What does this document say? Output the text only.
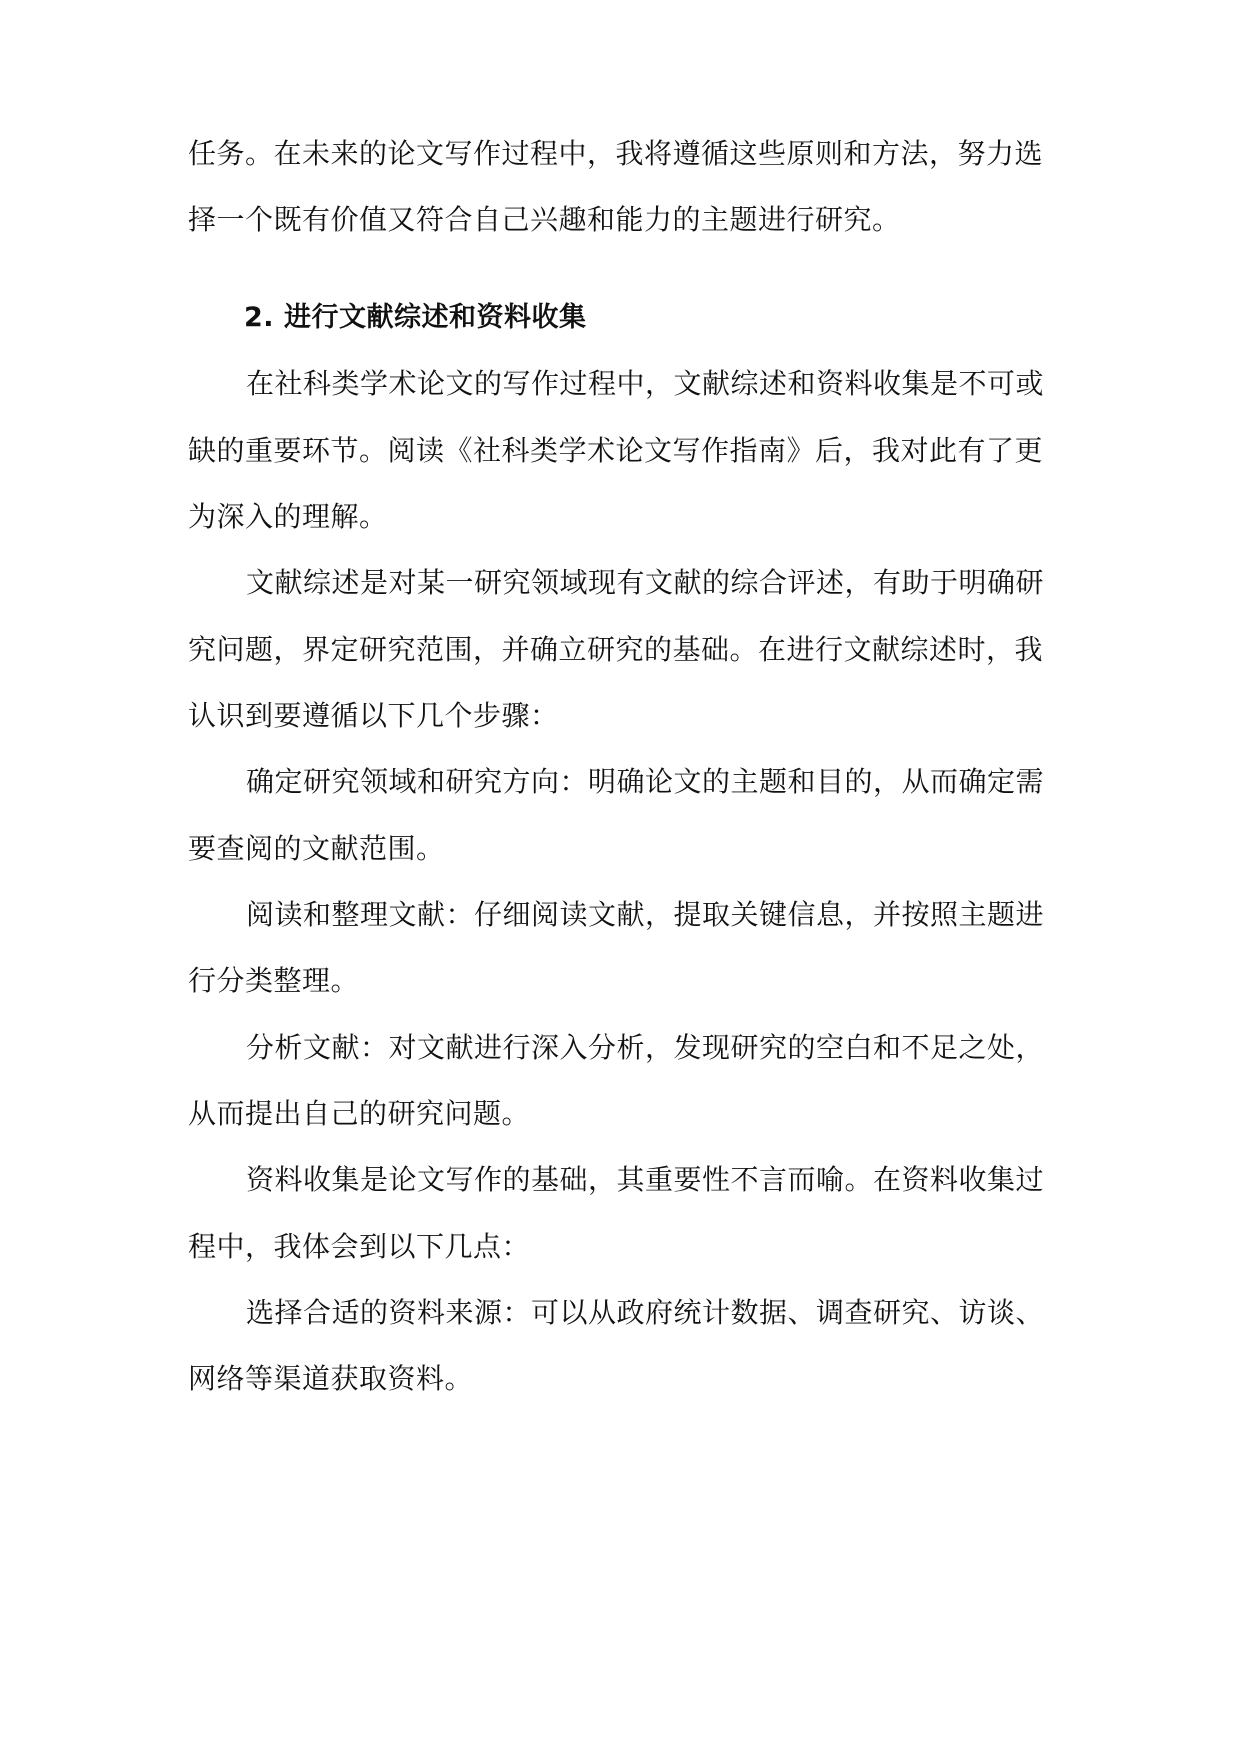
任务。在未来的论文写作过程中，我将遵循这些原则和方法，努力选
择一个既有价值又符合自己兴趣和能力的主题进行研究。
2. 进行文献综述和资料收集
在社科类学术论文的写作过程中，文献综述和资料收集是不可或
缺的重要环节。阅读《社科类学术论文写作指南》后，我对此有了更
为深入的理解。
文献综述是对某一研究领域现有文献的综合评述，有助于明确研
究问题，界定研究范围，并确立研究的基础。在进行文献综述时，我
认识到要遵循以下几个步骤：
确定研究领域和研究方向：明确论文的主题和目的，从而确定需
要查阅的文献范围。
阅读和整理文献：仔细阅读文献，提取关键信息，并按照主题进
行分类整理。
分析文献：对文献进行深入分析，发现研究的空白和不足之处，
从而提出自己的研究问题。
资料收集是论文写作的基础，其重要性不言而喻。在资料收集过
程中，我体会到以下几点：
选择合适的资料来源：可以从政府统计数据、调查研究、访谈、
网络等渠道获取资料。
